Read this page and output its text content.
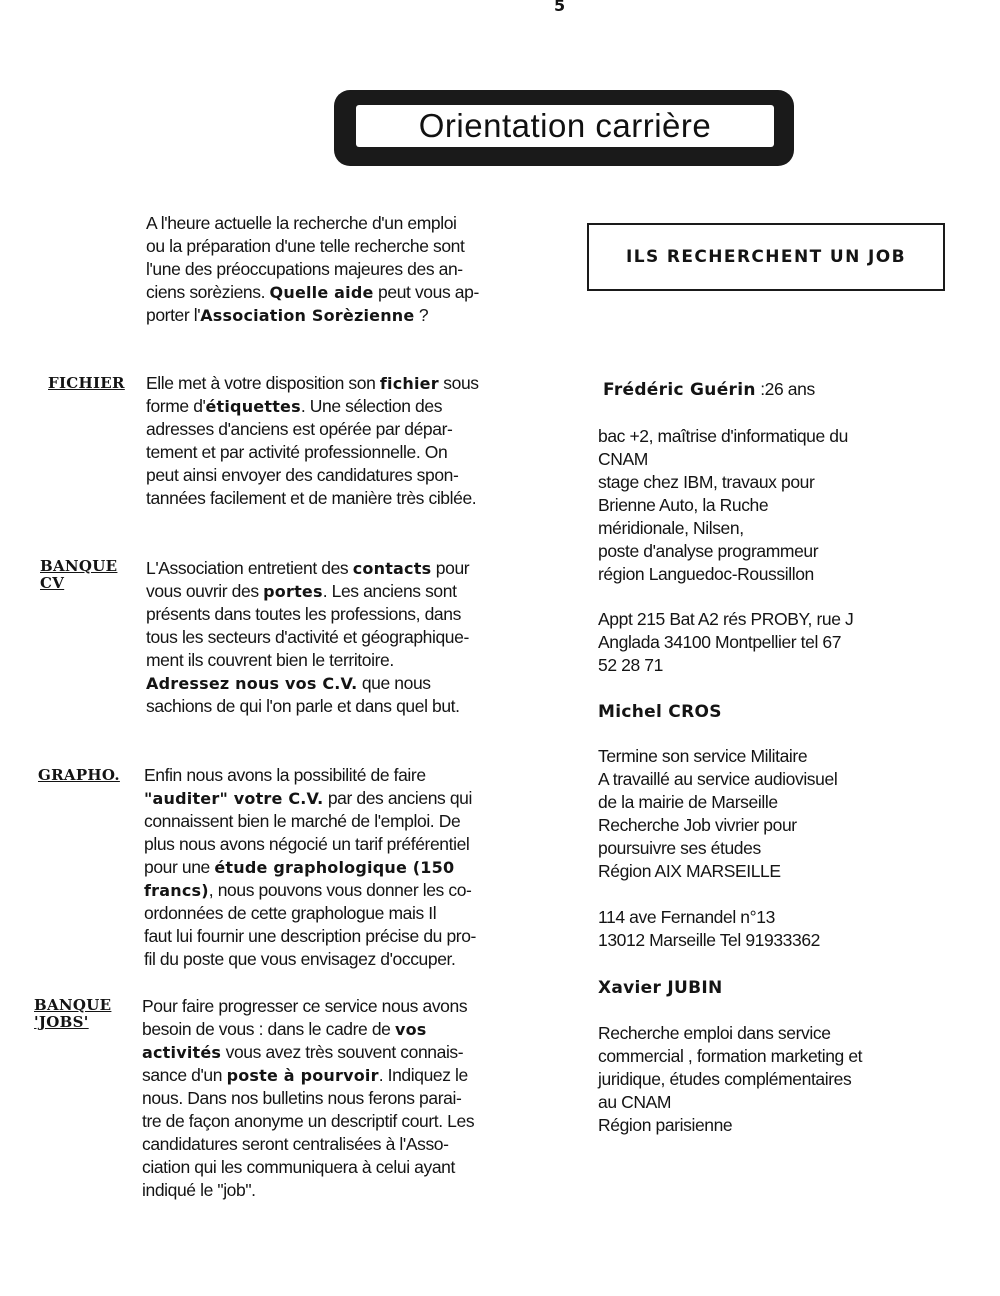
5
Orientation carrière
A l'heure actuelle la recherche d'un emploi
ou la préparation d'une telle recherche sont
l'une des préoccupations majeures des an-
ciens sorèziens. Quelle aide peut vous ap-
porter l'Association Sorèzienne ?
ILS RECHERCHENT UN JOB
FICHIER Elle met à votre disposition son fichier sous
forme d'étiquettes. Une sélection des
adresses d'anciens est opérée par dépar-
tement et par activité professionnelle. On
peut ainsi envoyer des candidatures spon-
tannées facilement et de manière très ciblée.
BANQUE
CV
L'Association entretient des contacts pour
vous ouvrir des portes. Les anciens sont
présents dans toutes les professions, dans
tous les secteurs d'activité et géographique-
ment ils couvrent bien le territoire.
Adressez nous vos C.V. que nous
sachions de qui l'on parle et dans quel but.
GRAPHO. Enfin nous avons la possibilité de faire
"auditer" votre C.V. par des anciens qui
connaissent bien le marché de l'emploi. De
plus nous avons négocié un tarif préférentiel
pour une étude graphologique (150
francs), nous pouvons vous donner les co-
ordonnées de cette graphologue mais Il
faut lui fournir une description précise du pro-
fil du poste que vous envisagez d'occuper.
BANQUE
'JOBS'
Pour faire progresser ce service nous avons
besoin de vous : dans le cadre de vos
activités vous avez très souvent connais-
sance d'un poste à pourvoir. Indiquez le
nous. Dans nos bulletins nous ferons parai-
tre de façon anonyme un descriptif court. Les
candidatures seront centralisées à l'Asso-
ciation qui les communiquera à celui ayant
indiqué le "job".
Frédéric Guérin :26 ans
bac +2, maîtrise d'informatique du
CNAM
stage chez IBM, travaux pour
Brienne Auto, la Ruche
méridionale, Nilsen,
poste d'analyse programmeur
région Languedoc-Roussillon
Appt 215 Bat A2 rés PROBY, rue J
Anglada 34100 Montpellier tel 67
52 28 71
Michel CROS
Termine son service Militaire
A travaillé au service audiovisuel
de la mairie de Marseille
Recherche Job vivrier pour
poursuivre ses études
Région AIX MARSEILLE
114 ave Fernandel n°13
13012 Marseille Tel 91933362
Xavier JUBIN
Recherche emploi dans service
commercial , formation marketing et
juridique, études complémentaires
au CNAM
Région parisienne
